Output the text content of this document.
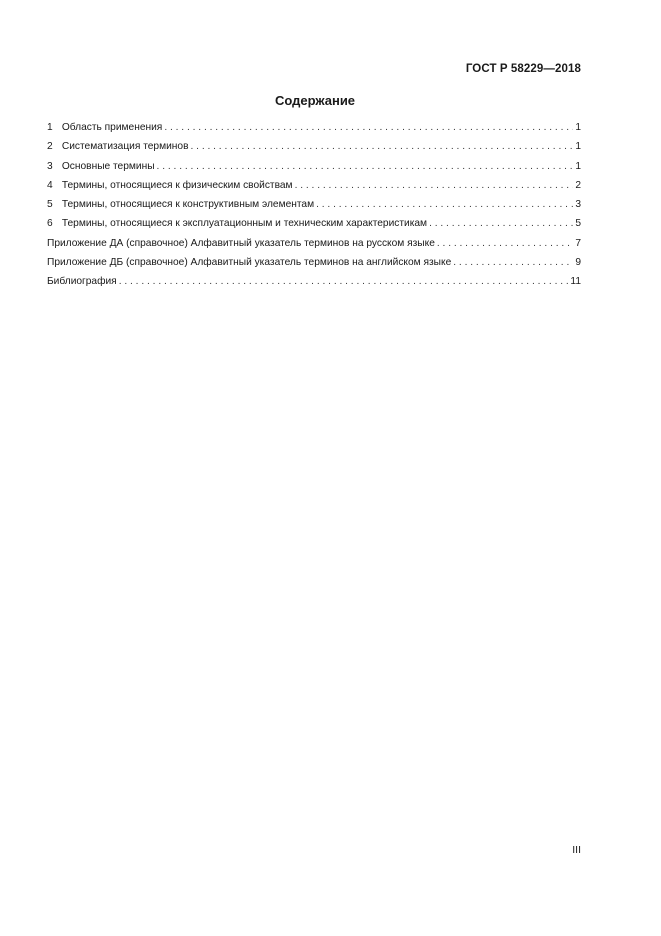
ГОСТ Р 58229—2018
Содержание
1 Область применения . . .	1
2 Систематизация терминов . . .	1
3 Основные термины . . .	1
4 Термины, относящиеся к физическим свойствам . . .	2
5 Термины, относящиеся к конструктивным элементам . . .	3
6 Термины, относящиеся к эксплуатационным и техническим характеристикам . . .	5
Приложение ДА (справочное) Алфавитный указатель терминов на русском языке . . .	7
Приложение ДБ (справочное) Алфавитный указатель терминов на английском языке . . .	9
Библиография . . .	11
III
